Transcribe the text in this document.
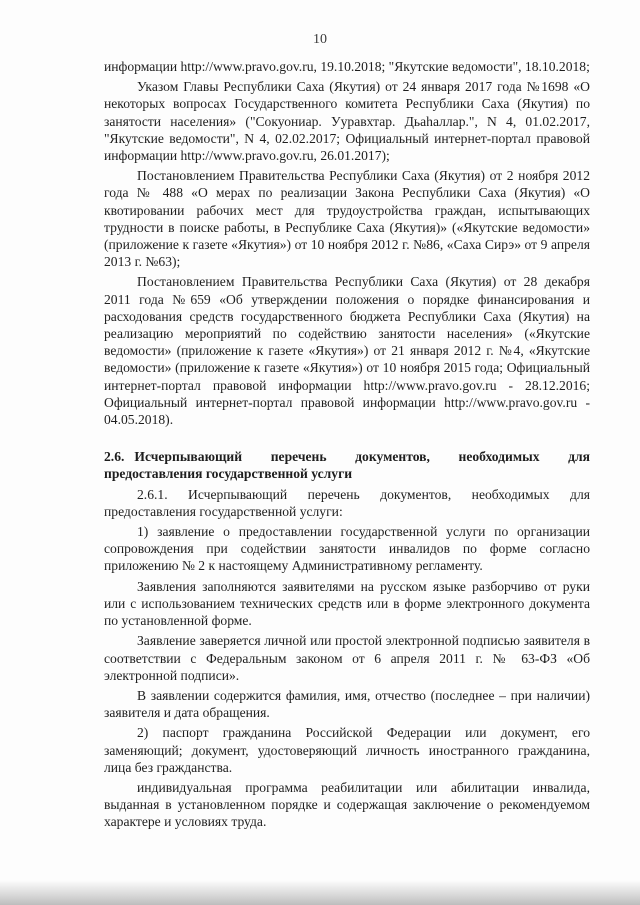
10

информации http://www.pravo.gov.ru, 19.10.2018; "Якутские ведомости", 18.10.2018;

Указом Главы Республики Саха (Якутия) от 24 января 2017 года №1698 «О некоторых вопросах Государственного комитета Республики Саха (Якутия) по занятости населения» ("Сокуониар. Ууравхтар. Дьаhаллар.", N 4, 01.02.2017, "Якутские ведомости", N 4, 02.02.2017; Официальный интернет-портал правовой информации http://www.pravo.gov.ru, 26.01.2017);

Постановлением Правительства Республики Саха (Якутия) от 2 ноября 2012 года № 488 «О мерах по реализации Закона Республики Саха (Якутия) «О квотировании рабочих мест для трудоустройства граждан, испытывающих трудности в поиске работы, в Республике Саха (Якутия)» («Якутские ведомости» (приложение к газете «Якутия») от 10 ноября 2012 г. №86, «Саха Сирэ» от 9 апреля 2013 г. №63);

Постановлением Правительства Республики Саха (Якутия) от 28 декабря 2011 года №659 «Об утверждении положения о порядке финансирования и расходования средств государственного бюджета Республики Саха (Якутия) на реализацию мероприятий по содействию занятости населения» («Якутские ведомости» (приложение к газете «Якутия») от 21 января 2012 г. №4, «Якутские ведомости» (приложение к газете «Якутия») от 10 ноября 2015 года; Официальный интернет-портал правовой информации http://www.pravo.gov.ru - 28.12.2016; Официальный интернет-портал правовой информации http://www.pravo.gov.ru - 04.05.2018).

2.6. Исчерпывающий перечень документов, необходимых для предоставления государственной услуги

2.6.1. Исчерпывающий перечень документов, необходимых для предоставления государственной услуги:

1) заявление о предоставлении государственной услуги по организации сопровождения при содействии занятости инвалидов по форме согласно приложению № 2 к настоящему Административному регламенту.

Заявления заполняются заявителями на русском языке разборчиво от руки или с использованием технических средств или в форме электронного документа по установленной форме.

Заявление заверяется личной или простой электронной подписью заявителя в соответствии с Федеральным законом от 6 апреля 2011 г. № 63-ФЗ «Об электронной подписи».

В заявлении содержится фамилия, имя, отчество (последнее – при наличии) заявителя и дата обращения.

2) паспорт гражданина Российской Федерации или документ, его заменяющий; документ, удостоверяющий личность иностранного гражданина, лица без гражданства.

индивидуальная программа реабилитации или абилитации инвалида, выданная в установленном порядке и содержащая заключение о рекомендуемом характере и условиях труда.
